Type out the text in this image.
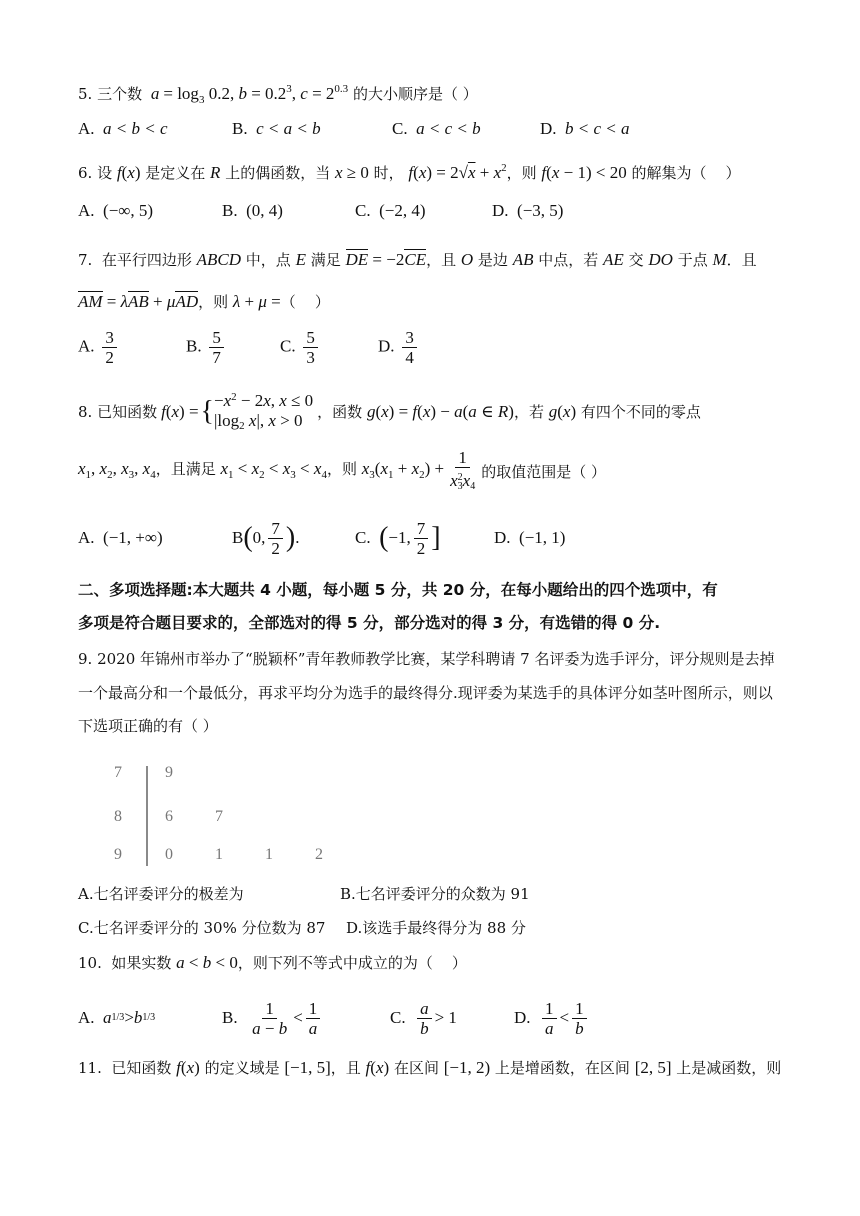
5. 三个数 $a = \log_3 0.2$, $b = 0.2^3$, $c = 2^{0.3}$ 的大小顺序是（ ）
A.  a < b < c	B.  c < a < b	C.  a < c < b	D.  b < c < a
6. 设 f(x) 是定义在 R 上的偶函数，当 x ≥ 0 时， $f(x) = 2√x + x^2$，则 f(x − 1) < 20 的解集为（    ）
A.  (−∞, 5)	B.  (0, 4)	C.  (−2, 4)	D.  (−3, 5)
7.  在平行四边形 ABCD 中，点 E 满足 DE = −2CE，且 O 是边 AB 中点，若 AE 交 DO 于点 M．且
AM = λAB + μAD，则 λ + μ =（    ）
A. $\frac{3}{2}$	B. $\frac{5}{7}$	C. $\frac{5}{3}$	D. $\frac{3}{4}$
8. 已知函数 f(x) = { $-x^2 - 2x$, x ≤ 0
|log2 x|, x > 0 ，函数 g(x) = f(x) − a(a ∈ R)，若 g(x) 有四个不同的零点
$x_1$, $x_2$, $x_3$, $x_4$ ，且满足 $x_1 < x_2 < x_3 < x_4$，则 $x_3(x_1 + x_2) + \frac{1}{x3^2x4}$ 的取值范围是（ ）
A.  (−1, +∞)	B ( 0, $\frac{7}{2}$ ) .	C. ( −1, $\frac{7}{2}$ ]	D.  (−1, 1)
二、多项选择题:本大题共 4 小题，每小题 5 分，共 20 分，在每小题给出的四个选项中，有
多项是符合题目要求的，全部选对的得 5 分，部分选对的得 3 分，有选错的得 0 分.
9. 2020 年锦州市举办了“脱颖杯”青年教师教学比赛，某学科聘请 7 名评委为选手评分，评分规则是去掉
一个最高分和一个最低分，再求平均分为选手的最终得分.现评委为某选手的具体评分如茎叶图所示，则以
下选项正确的有（ ）
7	9
8	6	7
9	0	1	1	2
A.七名评委评分的极差为	B.七名评委评分的众数为 91
C.七名评委评分的 30% 分位数为 87 D.该选手最终得分为 88 分
10.  如果实数 a < b < 0，则下列不等式中成立的为（    ）
A. a 1/3 > b 1/3	B. $\frac{1}{a - b} < \frac{1}{a}$	C. $\frac{a}{b} > 1$	D. $\frac{1}{a} < \frac{1}{b}$
11.  已知函数 f(x) 的定义域是 [−1, 5]，且 f(x) 在区间 [−1, 2) 上是增函数，在区间 [2, 5] 上是减函数，则
